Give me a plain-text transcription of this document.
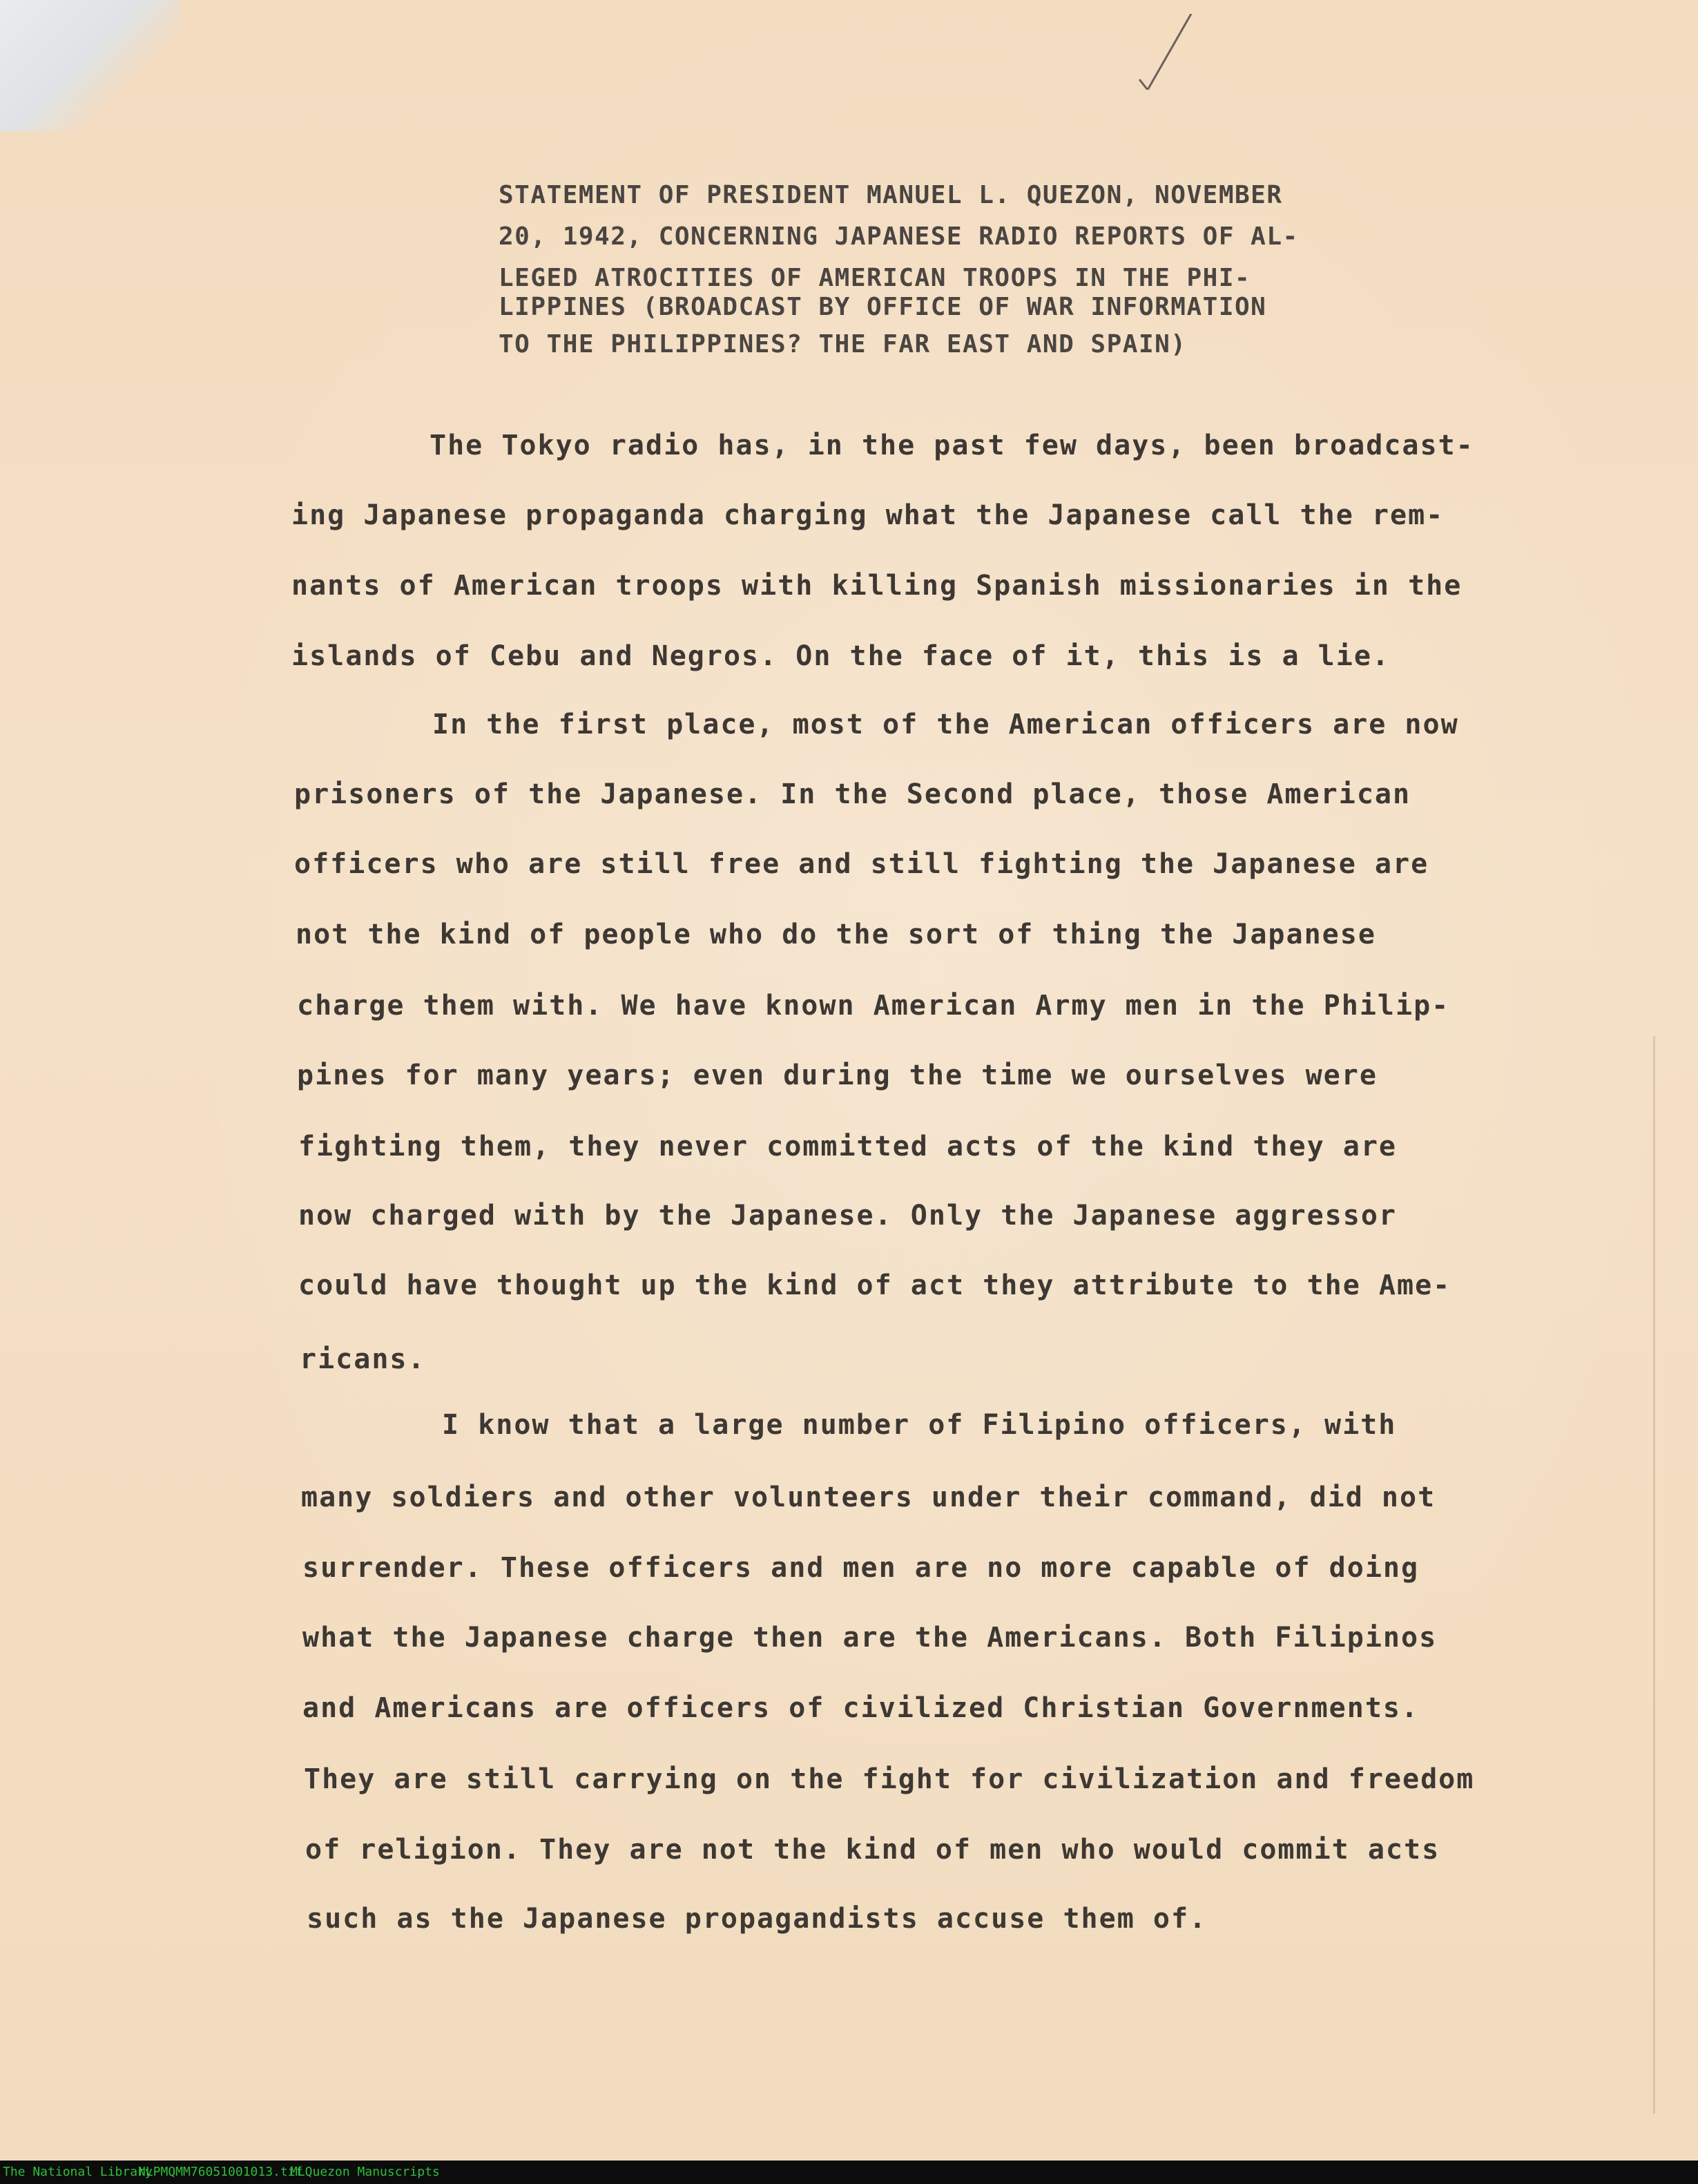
STATEMENT OF PRESIDENT MANUEL L. QUEZON, NOVEMBER
20, 1942, CONCERNING JAPANESE RADIO REPORTS OF AL-
LEGED ATROCITIES OF AMERICAN TROOPS IN THE PHI-
LIPPINES (BROADCAST BY OFFICE OF WAR INFORMATION
TO THE PHILIPPINES? THE FAR EAST AND SPAIN)
The Tokyo radio has, in the past few days, been broadcast-
ing Japanese propaganda charging what the Japanese call the rem-
nants of American troops with killing Spanish missionaries in the
islands of Cebu and Negros. On the face of it, this is a lie.
In the first place, most of the American officers are now
prisoners of the Japanese. In the Second place, those American
officers who are still free and still fighting the Japanese are
not the kind of people who do the sort of thing the Japanese
charge them with. We have known American Army men in the Philip-
pines for many years; even during the time we ourselves were
fighting them, they never committed acts of the kind they are
now charged with by the Japanese. Only the Japanese aggressor
could have thought up the kind of act they attribute to the Ame-
ricans.
I know that a large number of Filipino officers, with
many soldiers and other volunteers under their command, did not
surrender. These officers and men are no more capable of doing
what the Japanese charge then are the Americans. Both Filipinos
and Americans are officers of civilized Christian Governments.
They are still carrying on the fight for civilization and freedom
of religion. They are not the kind of men who would commit acts
such as the Japanese propagandists accuse them of.
The National Library
NLPMQMM76051001013.tif
MLQuezon Manuscripts
